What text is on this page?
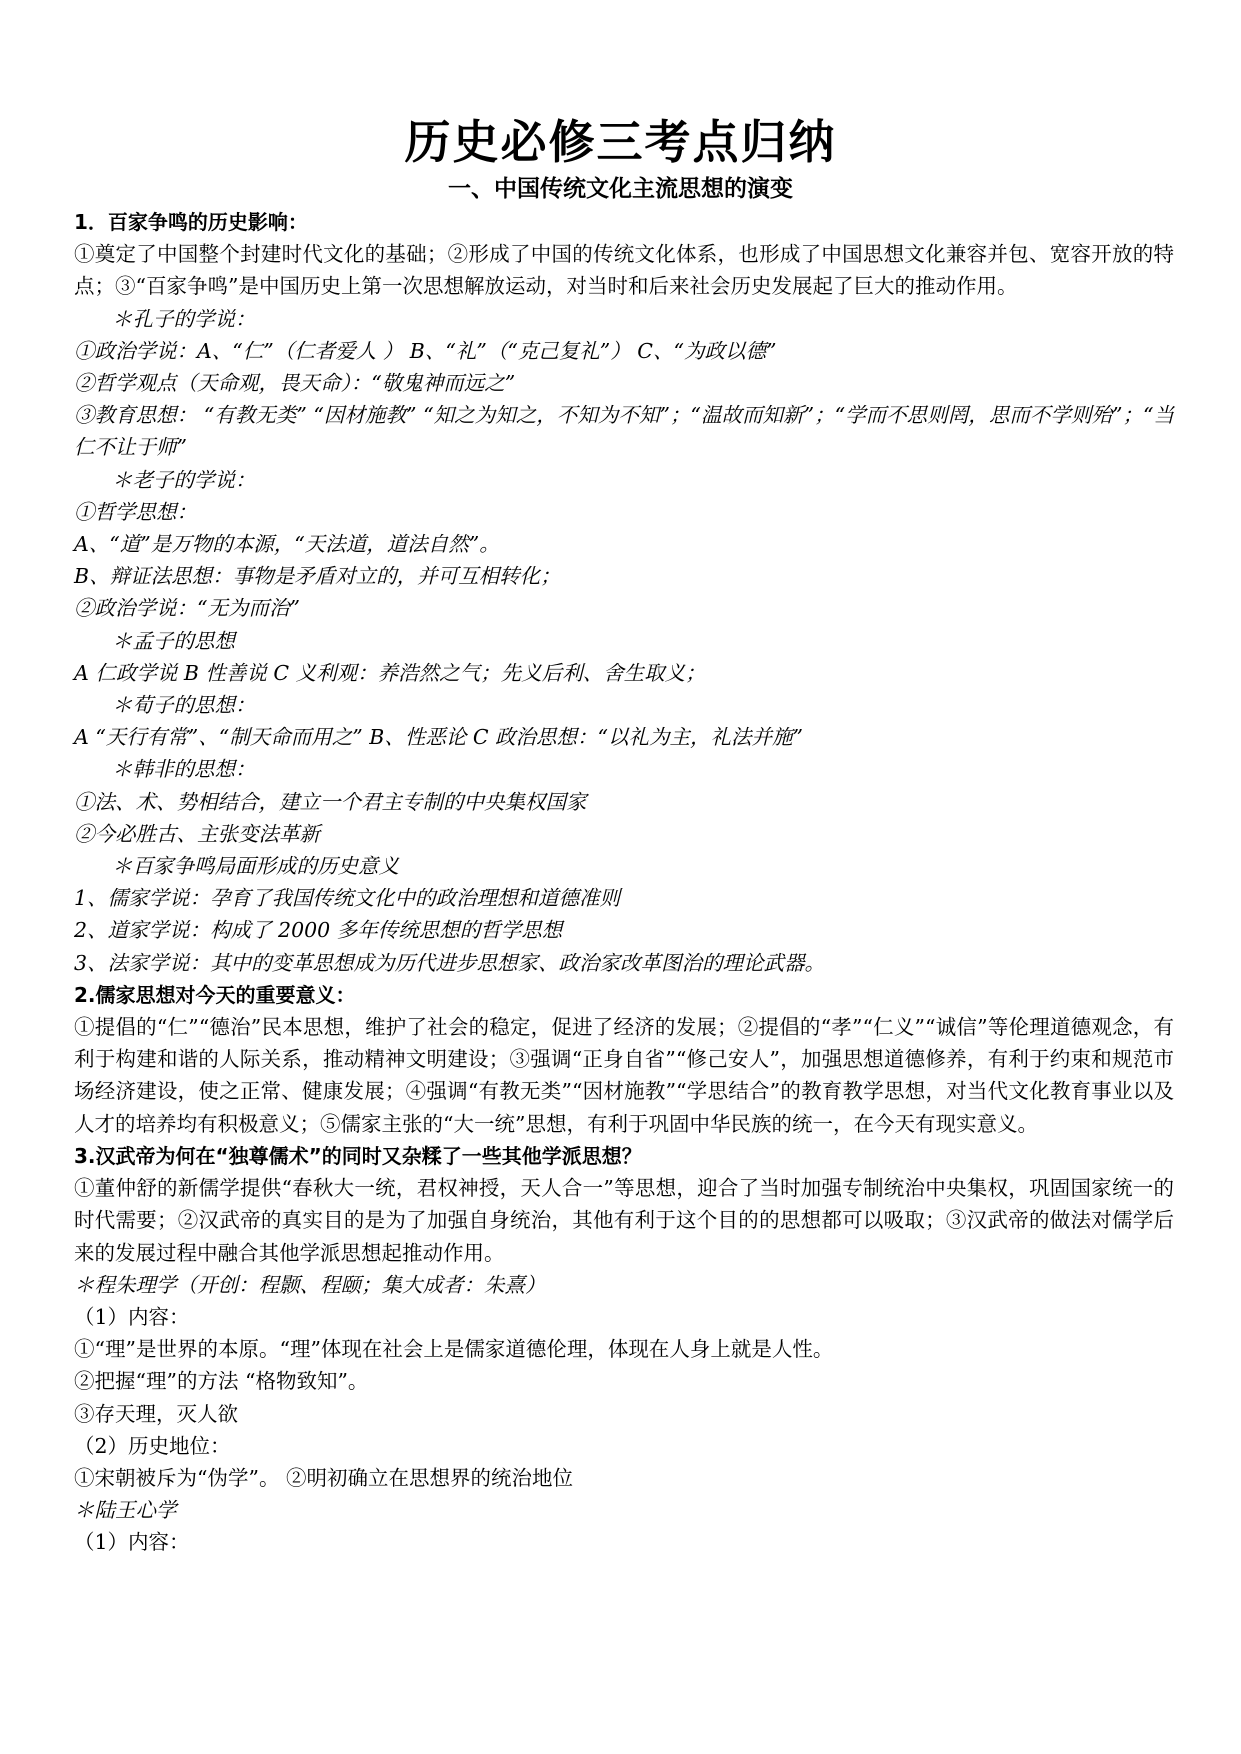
历史必修三考点归纳
一、中国传统文化主流思想的演变

1．百家争鸣的历史影响：

①奠定了中国整个封建时代文化的基础；②形成了中国的传统文化体系，也形成了中国思想文化兼容并包、宽容开放的特点；③“百家争鸣”是中国历史上第一次思想解放运动，对当时和后来社会历史发展起了巨大的推动作用。

＊孔子的学说：

①政治学说：A、“仁”（仁者爱人 ） B、“礼”（“克己复礼”） C、“为政以德”

②哲学观点（天命观，畏天命）：“敬鬼神而远之”

③教育思想： “有教无类” “因材施教” “知之为知之，不知为不知”；“温故而知新”；“学而不思则罔，思而不学则殆”；“当仁不让于师”

＊老子的学说：

①哲学思想：

A、“道”是万物的本源，“天法道，道法自然”。

B、辩证法思想：事物是矛盾对立的，并可互相转化；

②政治学说：“无为而治”

＊孟子的思想

A 仁政学说 B 性善说 C 义利观：养浩然之气；先义后利、舍生取义；

＊荀子的思想：

A “天行有常”、“制天命而用之” B、性恶论 C 政治思想：“以礼为主，礼法并施”

＊韩非的思想：

①法、术、势相结合，建立一个君主专制的中央集权国家

②今必胜古、主张变法革新

＊百家争鸣局面形成的历史意义

1、儒家学说：孕育了我国传统文化中的政治理想和道德准则

2、道家学说：构成了 2000 多年传统思想的哲学思想

3、法家学说：其中的变革思想成为历代进步思想家、政治家改革图治的理论武器。

2.儒家思想对今天的重要意义：

①提倡的“仁”“德治”民本思想，维护了社会的稳定，促进了经济的发展；②提倡的“孝”“仁义”“诚信”等伦理道德观念，有利于构建和谐的人际关系，推动精神文明建设；③强调“正身自省”“修己安人”，加强思想道德修养，有利于约束和规范市场经济建设，使之正常、健康发展；④强调“有教无类”“因材施教”“学思结合”的教育教学思想，对当代文化教育事业以及人才的培养均有积极意义；⑤儒家主张的“大一统”思想，有利于巩固中华民族的统一，在今天有现实意义。

3.汉武帝为何在“独尊儒术”的同时又杂糅了一些其他学派思想？

①董仲舒的新儒学提供“春秋大一统，君权神授，天人合一”等思想，迎合了当时加强专制统治中央集权，巩固国家统一的时代需要；②汉武帝的真实目的是为了加强自身统治，其他有利于这个目的的思想都可以吸取；③汉武帝的做法对儒学后来的发展过程中融合其他学派思想起推动作用。

＊程朱理学（开创：程颢、程颐；集大成者：朱熹）

（1）内容：

①“理”是世界的本原。“理”体现在社会上是儒家道德伦理，体现在人身上就是人性。

②把握“理”的方法 “格物致知”。

③存天理，灭人欲

（2）历史地位：

①宋朝被斥为“伪学”。 ②明初确立在思想界的统治地位

＊陆王心学

（1）内容：
